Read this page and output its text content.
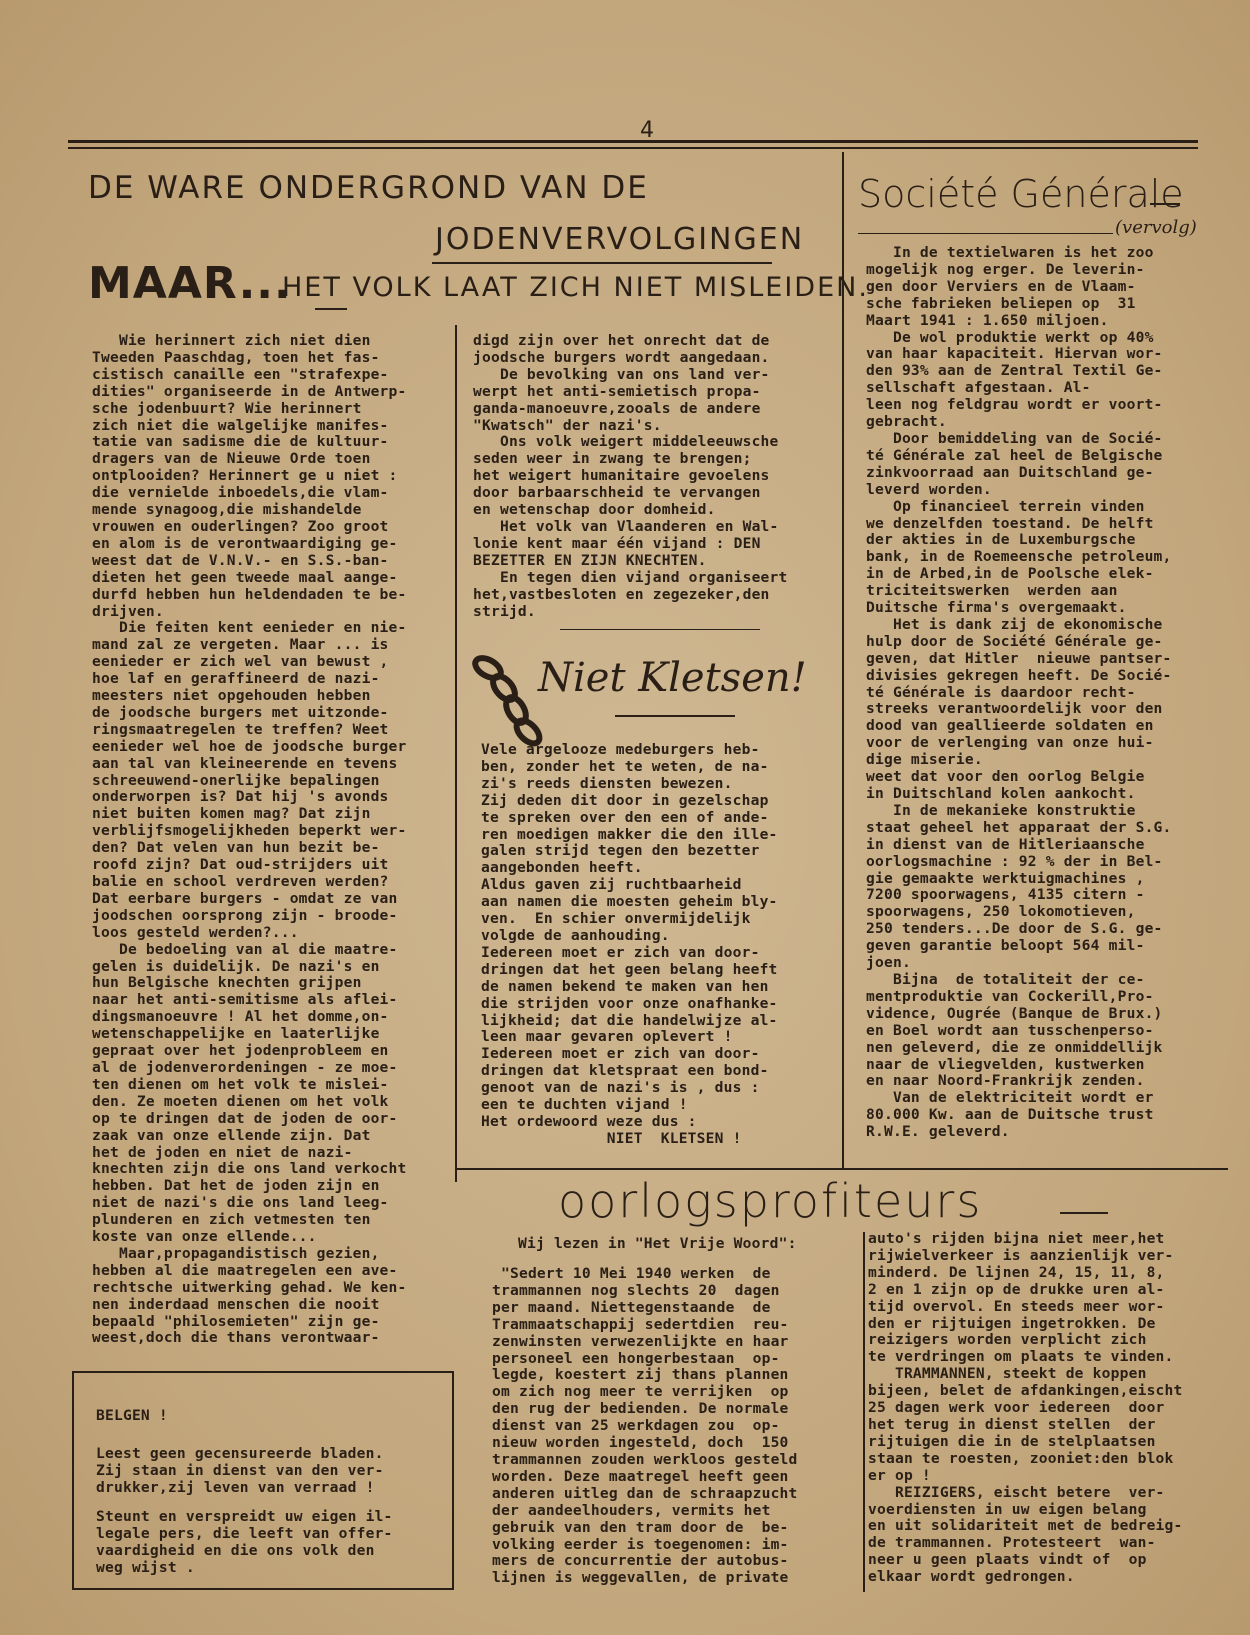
4
DE WARE ONDERGROND VAN DE
JODENVERVOLGINGEN
MAAR...
HET VOLK LAAT ZICH NIET MISLEIDEN.
Wie herinnert zich niet dien
Tweeden Paaschdag, toen het fas-
cistisch canaille een "strafexpe-
dities" organiseerde in de Antwerp-
sche jodenbuurt? Wie herinnert
zich niet die walgelijke manifes-
tatie van sadisme die de kultuur-
dragers van de Nieuwe Orde toen
ontplooiden? Herinnert ge u niet :
die vernielde inboedels,die vlam-
mende synagoog,die mishandelde
vrouwen en ouderlingen? Zoo groot
en alom is de verontwaardiging ge-
weest dat de V.N.V.- en S.S.-ban-
dieten het geen tweede maal aange-
durfd hebben hun heldendaden te be-
drijven.
Die feiten kent eenieder en nie-
mand zal ze vergeten. Maar ... is
eenieder er zich wel van bewust ,
hoe laf en geraffineerd de nazi-
meesters niet opgehouden hebben
de joodsche burgers met uitzonde-
ringsmaatregelen te treffen? Weet
eenieder wel hoe de joodsche burger
aan tal van kleineerende en tevens
schreeuwend-onerlijke bepalingen
onderworpen is? Dat hij 's avonds
niet buiten komen mag? Dat zijn
verblijfsmogelijkheden beperkt wer-
den? Dat velen van hun bezit be-
roofd zijn? Dat oud-strijders uit
balie en school verdreven werden?
Dat eerbare burgers - omdat ze van
joodschen oorsprong zijn - broode-
loos gesteld werden?...
De bedoeling van al die maatre-
gelen is duidelijk. De nazi's en
hun Belgische knechten grijpen
naar het anti-semitisme als aflei-
dingsmanoeuvre ! Al het domme,on-
wetenschappelijke en laaterlijke
gepraat over het jodenprobleem en
al de jodenverordeningen - ze moe-
ten dienen om het volk te mislei-
den. Ze moeten dienen om het volk
op te dringen dat de joden de oor-
zaak van onze ellende zijn. Dat
het de joden en niet de nazi-
knechten zijn die ons land verkocht
hebben. Dat het de joden zijn en
niet de nazi's die ons land leeg-
plunderen en zich vetmesten ten
koste van onze ellende...
Maar,propagandistisch gezien,
hebben al die maatregelen een ave-
rechtsche uitwerking gehad. We ken-
nen inderdaad menschen die nooit
bepaald "philosemieten" zijn ge-
weest,doch die thans verontwaar-
digd zijn over het onrecht dat de
joodsche burgers wordt aangedaan.
De bevolking van ons land ver-
werpt het anti-semietisch propa-
ganda-manoeuvre,zooals de andere
"Kwatsch" der nazi's.
Ons volk weigert middeleeuwsche
seden weer in zwang te brengen;
het weigert humanitaire gevoelens
door barbaarschheid te vervangen
en wetenschap door domheid.
Het volk van Vlaanderen en Wal-
lonie kent maar één vijand : DEN
BEZETTER EN ZIJN KNECHTEN.
En tegen dien vijand organiseert
het,vastbesloten en zegezeker,den
strijd.
Niet Kletsen!
Vele argelooze medeburgers heb-
ben, zonder het te weten, de na-
zi's reeds diensten bewezen.
Zij deden dit door in gezelschap
te spreken over den een of ande-
ren moedigen makker die den ille-
galen strijd tegen den bezetter
aangebonden heeft.
Aldus gaven zij ruchtbaarheid
aan namen die moesten geheim bly-
ven.  En schier onvermijdelijk
volgde de aanhouding.
Iedereen moet er zich van door-
dringen dat het geen belang heeft
de namen bekend te maken van hen
die strijden voor onze onafhanke-
lijkheid; dat die handelwijze al-
leen maar gevaren oplevert !
Iedereen moet er zich van door-
dringen dat kletspraat een bond-
genoot van de nazi's is , dus :
een te duchten vijand !
Het ordewoord weze dus :
NIET  KLETSEN !
Société Générale
(vervolg)
In de textielwaren is het zoo
mogelijk nog erger. De leverin-
gen door Verviers en de Vlaam-
sche fabrieken beliepen op  31
Maart 1941 : 1.650 miljoen.
De wol produktie werkt op 40%
van haar kapaciteit. Hiervan wor-
den 93% aan de Zentral Textil Ge-
sellschaft afgestaan. Al-
leen nog feldgrau wordt er voort-
gebracht.
Door bemiddeling van de Socié-
té Générale zal heel de Belgische
zinkvoorraad aan Duitschland ge-
leverd worden.
Op financieel terrein vinden
we denzelfden toestand. De helft
der akties in de Luxemburgsche
bank, in de Roemeensche petroleum,
in de Arbed,in de Poolsche elek-
triciteitswerken  werden aan
Duitsche firma's overgemaakt.
Het is dank zij de ekonomische
hulp door de Société Générale ge-
geven, dat Hitler  nieuwe pantser-
divisies gekregen heeft. De Socié-
té Générale is daardoor recht-
streeks verantwoordelijk voor den
dood van geallieerde soldaten en
voor de verlenging van onze hui-
dige miserie.
weet dat voor den oorlog Belgie
in Duitschland kolen aankocht.
In de mekanieke konstruktie
staat geheel het apparaat der S.G.
in dienst van de Hitleriaansche
oorlogsmachine : 92 % der in Bel-
gie gemaakte werktuigmachines ,
7200 spoorwagens, 4135 citern -
spoorwagens, 250 lokomotieven,
250 tenders...De door de S.G. ge-
geven garantie beloopt 564 mil-
joen.
Bijna  de totaliteit der ce-
mentproduktie van Cockerill,Pro-
vidence, Ougrée (Banque de Brux.)
en Boel wordt aan tusschenperso-
nen geleverd, die ze onmiddellijk
naar de vliegvelden, kustwerken
en naar Noord-Frankrijk zenden.
Van de elektriciteit wordt er
80.000 Kw. aan de Duitsche trust
R.W.E. geleverd.
oorlogsprofiteurs
Wij lezen in "Het Vrije Woord":
"Sedert 10 Mei 1940 werken  de
trammannen nog slechts 20  dagen
per maand. Niettegenstaande  de
Trammaatschappij sedertdien  reu-
zenwinsten verwezenlijkte en haar
personeel een hongerbestaan  op-
legde, koestert zij thans plannen
om zich nog meer te verrijken  op
den rug der bedienden. De normale
dienst van 25 werkdagen zou  op-
nieuw worden ingesteld, doch  150
trammannen zouden werkloos gesteld
worden. Deze maatregel heeft geen
anderen uitleg dan de schraapzucht
der aandeelhouders, vermits het
gebruik van den tram door de  be-
volking eerder is toegenomen: im-
mers de concurrentie der autobus-
lijnen is weggevallen, de private
auto's rijden bijna niet meer,het
rijwielverkeer is aanzienlijk ver-
minderd. De lijnen 24, 15, 11, 8,
2 en 1 zijn op de drukke uren al-
tijd overvol. En steeds meer wor-
den er rijtuigen ingetrokken. De
reizigers worden verplicht zich
te verdringen om plaats te vinden.
TRAMMANNEN, steekt de koppen
bijeen, belet de afdankingen,eischt
25 dagen werk voor iedereen  door
het terug in dienst stellen  der
rijtuigen die in de stelplaatsen
staan te roesten, zooniet:den blok
er op !
REIZIGERS, eischt betere  ver-
voerdiensten in uw eigen belang
en uit solidariteit met de bedreig-
de trammannen. Protesteert  wan-
neer u geen plaats vindt of  op
elkaar wordt gedrongen.
BELGEN !
Leest geen gecensureerde bladen.
Zij staan in dienst van den ver-
drukker,zij leven van verraad !
Steunt en verspreidt uw eigen il-
legale pers, die leeft van offer-
vaardigheid en die ons volk den
weg wijst .
